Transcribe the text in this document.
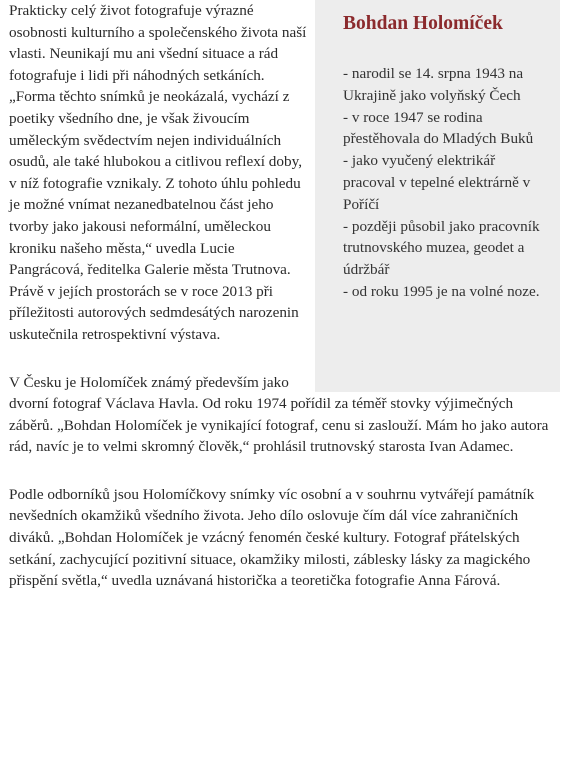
Bohdan Holomíček
- narodil se 14. srpna 1943 na Ukrajině jako volyňský Čech
- v roce 1947 se rodina přestěhovala do Mladých Buků
- jako vyučený elektrikář pracoval v tepelné elektrárně v Poříčí
- později působil jako pracovník trutnovského muzea, geodet a údržbář
- od roku 1995 je na volné noze.

Prakticky celý život fotografuje výrazné osobnosti kulturního a společenského života naší vlasti. Neunikají mu ani všední situace a rád fotografuje i lidi při náhodných setkáních. „Forma těchto snímků je neokázalá, vychází z poetiky všedního dne, je však živoucím uměleckým svědectvím nejen individuálních osudů, ale také hlubokou a citlivou reflexí doby, v níž fotografie vznikaly. Z tohoto úhlu pohledu je možné vnímat nezanedbatelnou část jeho tvorby jako jakousi neformální, uměleckou kroniku našeho města,“ uvedla Lucie Pangrácová, ředitelka Galerie města Trutnova. Právě v jejích prostorách se v roce 2013 při příležitosti autorových sedmdesátých narozenin uskutečnila retrospektivní výstava.

V Česku je Holomíček známý především jako dvorní fotograf Václava Havla. Od roku 1974 pořídil za téměř stovky výjimečných záběrů. „Bohdan Holomíček je vynikající fotograf, cenu si zaslouží. Mám ho jako autora rád, navíc je to velmi skromný člověk,“ prohlásil trutnovský starosta Ivan Adamec.

Podle odborníků jsou Holomíčkovy snímky víc osobní a v souhrnu vytvářejí památník nevšedních okamžiků všedního života. Jeho dílo oslovuje čím dál více zahraničních diváků. „Bohdan Holomíček je vzácný fenomén české kultury. Fotograf přátelských setkání, zachycující pozitivní situace, okamžiky milosti, záblesky lásky za magického přispění světla,“ uvedla uznávaná historička a teoretička fotografie Anna Fárová.
